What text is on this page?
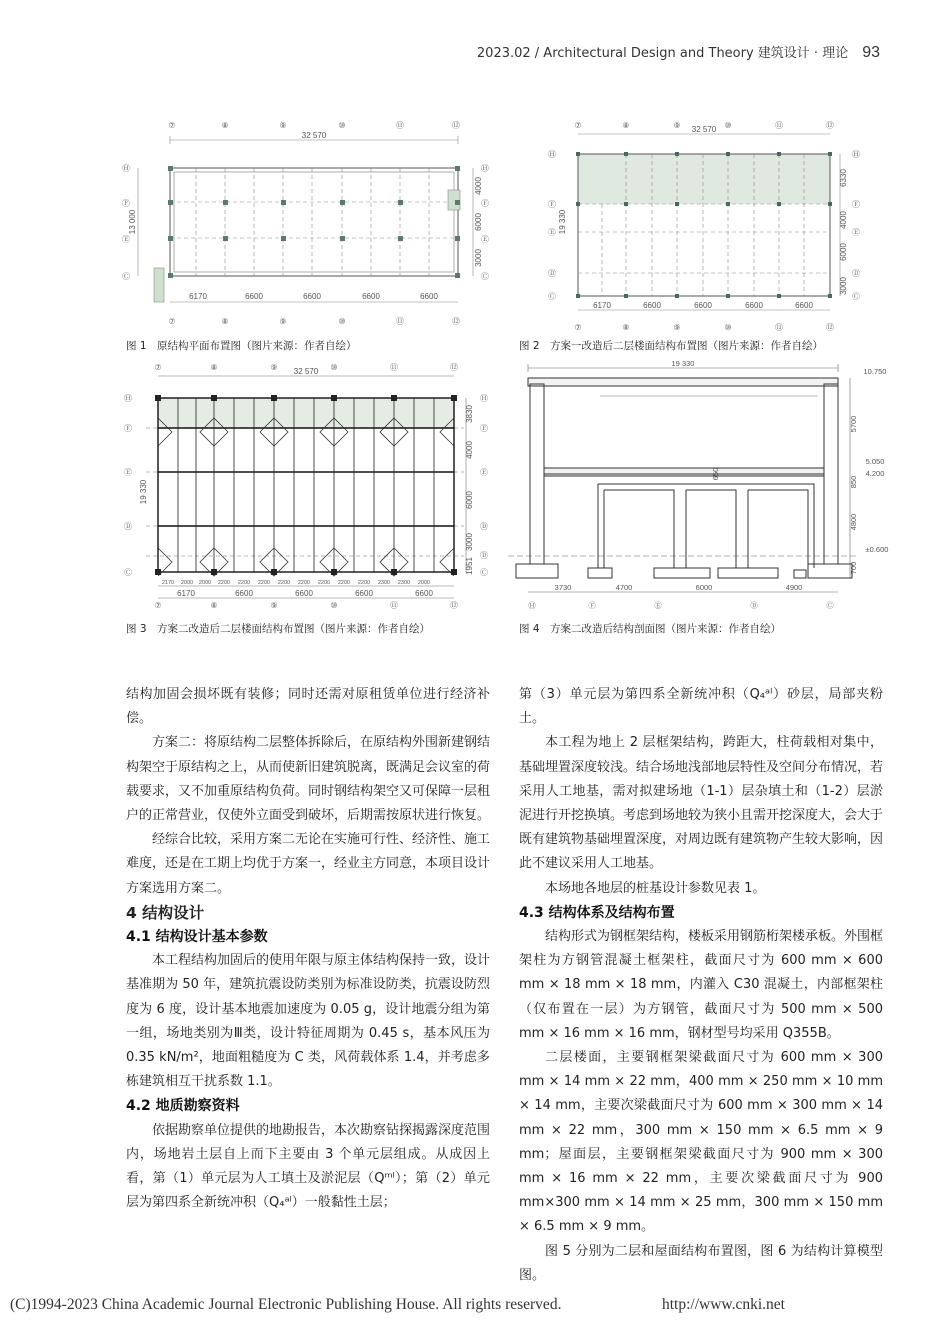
2023.02 / Architectural Design and Theory 建筑设计 · 理论 93
⑦	⑧	⑨	⑩	⑪	⑫
⑦	⑧	⑨	⑩	⑪	⑫
32 570
6170	6600	6600	6600	6600
Ⓗ
Ⓕ
Ⓔ
Ⓒ
Ⓗ
Ⓕ
Ⓔ
Ⓒ
13 000
4000
6000
3000
图 1　原结构平面布置图（图片来源：作者自绘）
⑦	⑧	⑨	⑩	⑪	⑫
⑦	⑧	⑨	⑩	⑪	⑫
32 570
6170	6600	6600	6600	6600
Ⓗ
Ⓕ
Ⓔ
Ⓓ
Ⓒ
Ⓗ
Ⓕ
Ⓔ
Ⓓ
Ⓒ
19 330
6330
6000
4000
3000
图 2　方案一改造后二层楼面结构布置图（图片来源：作者自绘）
⑦	⑧	⑨	⑩	⑪	⑫
⑦	⑧	⑨	⑩	⑪	⑫
32 570
6170	6600	6600	6600	6600
Ⓗ
Ⓕ
Ⓔ
Ⓓ
Ⓒ
Ⓗ
Ⓕ
Ⓔ
Ⓓ
Ⓓ
Ⓒ
19 330
3830
4000
6000
3000
1951
2170 2000 2000 2200 2200 2200 2200 2200 2200 2200 2200 2300 2300 2000
图 3　方案二改造后二层楼面结构布置图（图片来源：作者自绘）
19 330
3730	4700	6000	4900
Ⓗ	Ⓕ	Ⓔ	Ⓓ	Ⓒ
10.750
5.050
4.200
±0.600
5700
850
4800
700
650
图 4　方案二改造后结构剖面图（图片来源：作者自绘）

结构加固会损坏既有装修；同时还需对原租赁单位进行经济补偿。

方案二：将原结构二层整体拆除后，在原结构外围新建钢结构架空于原结构之上，从而使新旧建筑脱离，既满足会议室的荷载要求，又不加重原结构负荷。同时钢结构架空又可保障一层租户的正常营业，仅使外立面受到破坏，后期需按原状进行恢复。

经综合比较，采用方案二无论在实施可行性、经济性、施工难度，还是在工期上均优于方案一，经业主方同意，本项目设计方案选用方案二。

4 结构设计

4.1 结构设计基本参数

本工程结构加固后的使用年限与原主体结构保持一致，设计基准期为 50 年，建筑抗震设防类别为标准设防类，抗震设防烈度为 6 度，设计基本地震加速度为 0.05 g，设计地震分组为第一组，场地类别为Ⅲ类，设计特征周期为 0.45 s，基本风压为 0.35 kN/m²，地面粗糙度为 C 类，风荷载体系 1.4，并考虑多栋建筑相互干扰系数 1.1。

4.2 地质勘察资料

依据勘察单位提供的地勘报告，本次勘察钻探揭露深度范围内，场地岩土层自上而下主要由 3 个单元层组成。从成因上看，第（1）单元层为人工填土及淤泥层（Qᵐˡ）；第（2）单元层为第四系全新统冲积（Q₄ᵃˡ）一般黏性土层；

第（3）单元层为第四系全新统冲积（Q₄ᵃˡ）砂层，局部夹粉土。

本工程为地上 2 层框架结构，跨距大，柱荷载相对集中，基础埋置深度较浅。结合场地浅部地层特性及空间分布情况，若采用人工地基，需对拟建场地（1-1）层杂填土和（1-2）层淤泥进行开挖换填。考虑到场地较为狭小且需开挖深度大，会大于既有建筑物基础埋置深度，对周边既有建筑物产生较大影响，因此不建议采用人工地基。

本场地各地层的桩基设计参数见表 1。

4.3 结构体系及结构布置

结构形式为钢框架结构，楼板采用钢筋桁架楼承板。外围框架柱为方钢管混凝土框架柱，截面尺寸为 600 mm × 600 mm × 18 mm × 18 mm，内灌入 C30 混凝土，内部框架柱（仅布置在一层）为方钢管，截面尺寸为 500 mm × 500 mm × 16 mm × 16 mm，钢材型号均采用 Q355B。

二层楼面，主要钢框架梁截面尺寸为 600 mm × 300 mm × 14 mm × 22 mm，400 mm × 250 mm × 10 mm × 14 mm，主要次梁截面尺寸为 600 mm × 300 mm × 14 mm × 22 mm，300 mm × 150 mm × 6.5 mm × 9 mm；屋面层，主要钢框架梁截面尺寸为 900 mm × 300 mm × 16 mm × 22 mm，主要次梁截面尺寸为 900 mm×300 mm × 14 mm × 25 mm，300 mm × 150 mm × 6.5 mm × 9 mm。

图 5 分别为二层和屋面结构布置图，图 6 为结构计算模型图。

(C)1994-2023 China Academic Journal Electronic Publishing House. All rights reserved.	http://www.cnki.net
